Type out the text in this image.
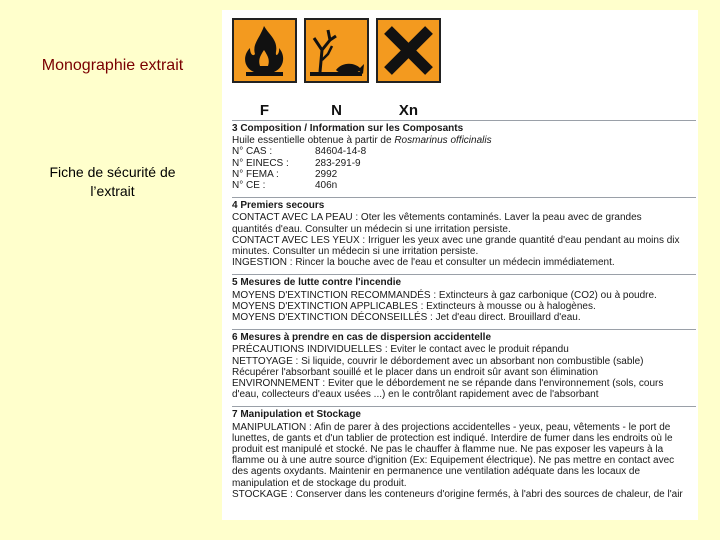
Monographie extrait
Fiche de sécurité de l’extrait
F	N	Xn
3 Composition / Information sur les Composants
Huile essentielle obtenue à partir de Rosmarinus officinalis
N° CAS :	84604-14-8
N° EINECS :	283-291-9
N° FEMA :	2992
N° CE :	406n
4 Premiers secours
CONTACT AVEC LA PEAU : Oter les vêtements contaminés. Laver la peau avec de grandes
quantités d'eau. Consulter un médecin si une irritation persiste.
CONTACT AVEC LES YEUX : Irriguer les yeux avec une grande quantité d'eau pendant au moins dix
minutes. Consulter un médecin si une irritation persiste.
INGESTION : Rincer la bouche avec de l'eau et consulter un médecin immédiatement.
5 Mesures de lutte contre l'incendie
MOYENS D'EXTINCTION RECOMMANDÉS : Extincteurs à gaz carbonique (CO2) ou à poudre.
MOYENS D'EXTINCTION APPLICABLES : Extincteurs à mousse ou à halogènes.
MOYENS D'EXTINCTION DÉCONSEILLÉS : Jet d'eau direct. Brouillard d'eau.
6 Mesures à prendre en cas de dispersion accidentelle
PRÉCAUTIONS INDIVIDUELLES : Eviter le contact avec le produit répandu
NETTOYAGE : Si liquide, couvrir le débordement avec un absorbant non combustible (sable)
Récupérer l'absorbant souillé et le placer dans un endroit sûr avant son élimination
ENVIRONNEMENT : Eviter que le débordement ne se répande dans l'environnement (sols, cours
d'eau, collecteurs d'eaux usées ...) en le contrôlant rapidement avec de l'absorbant
7 Manipulation et Stockage
MANIPULATION : Afin de parer à des projections accidentelles - yeux, peau, vêtements - le port de
lunettes, de gants et d'un tablier de protection est indiqué. Interdire de fumer dans les endroits où le
produit est manipulé et stocké. Ne pas le chauffer à flamme nue. Ne pas exposer les vapeurs à la
flamme ou à une autre source d'ignition (Ex: Equipement électrique). Ne pas mettre en contact avec
des agents oxydants. Maintenir en permanence une ventilation adéquate dans les locaux de
manipulation et de stockage du produit.
STOCKAGE : Conserver dans les conteneurs d'origine fermés, à l'abri des sources de chaleur, de l'air
